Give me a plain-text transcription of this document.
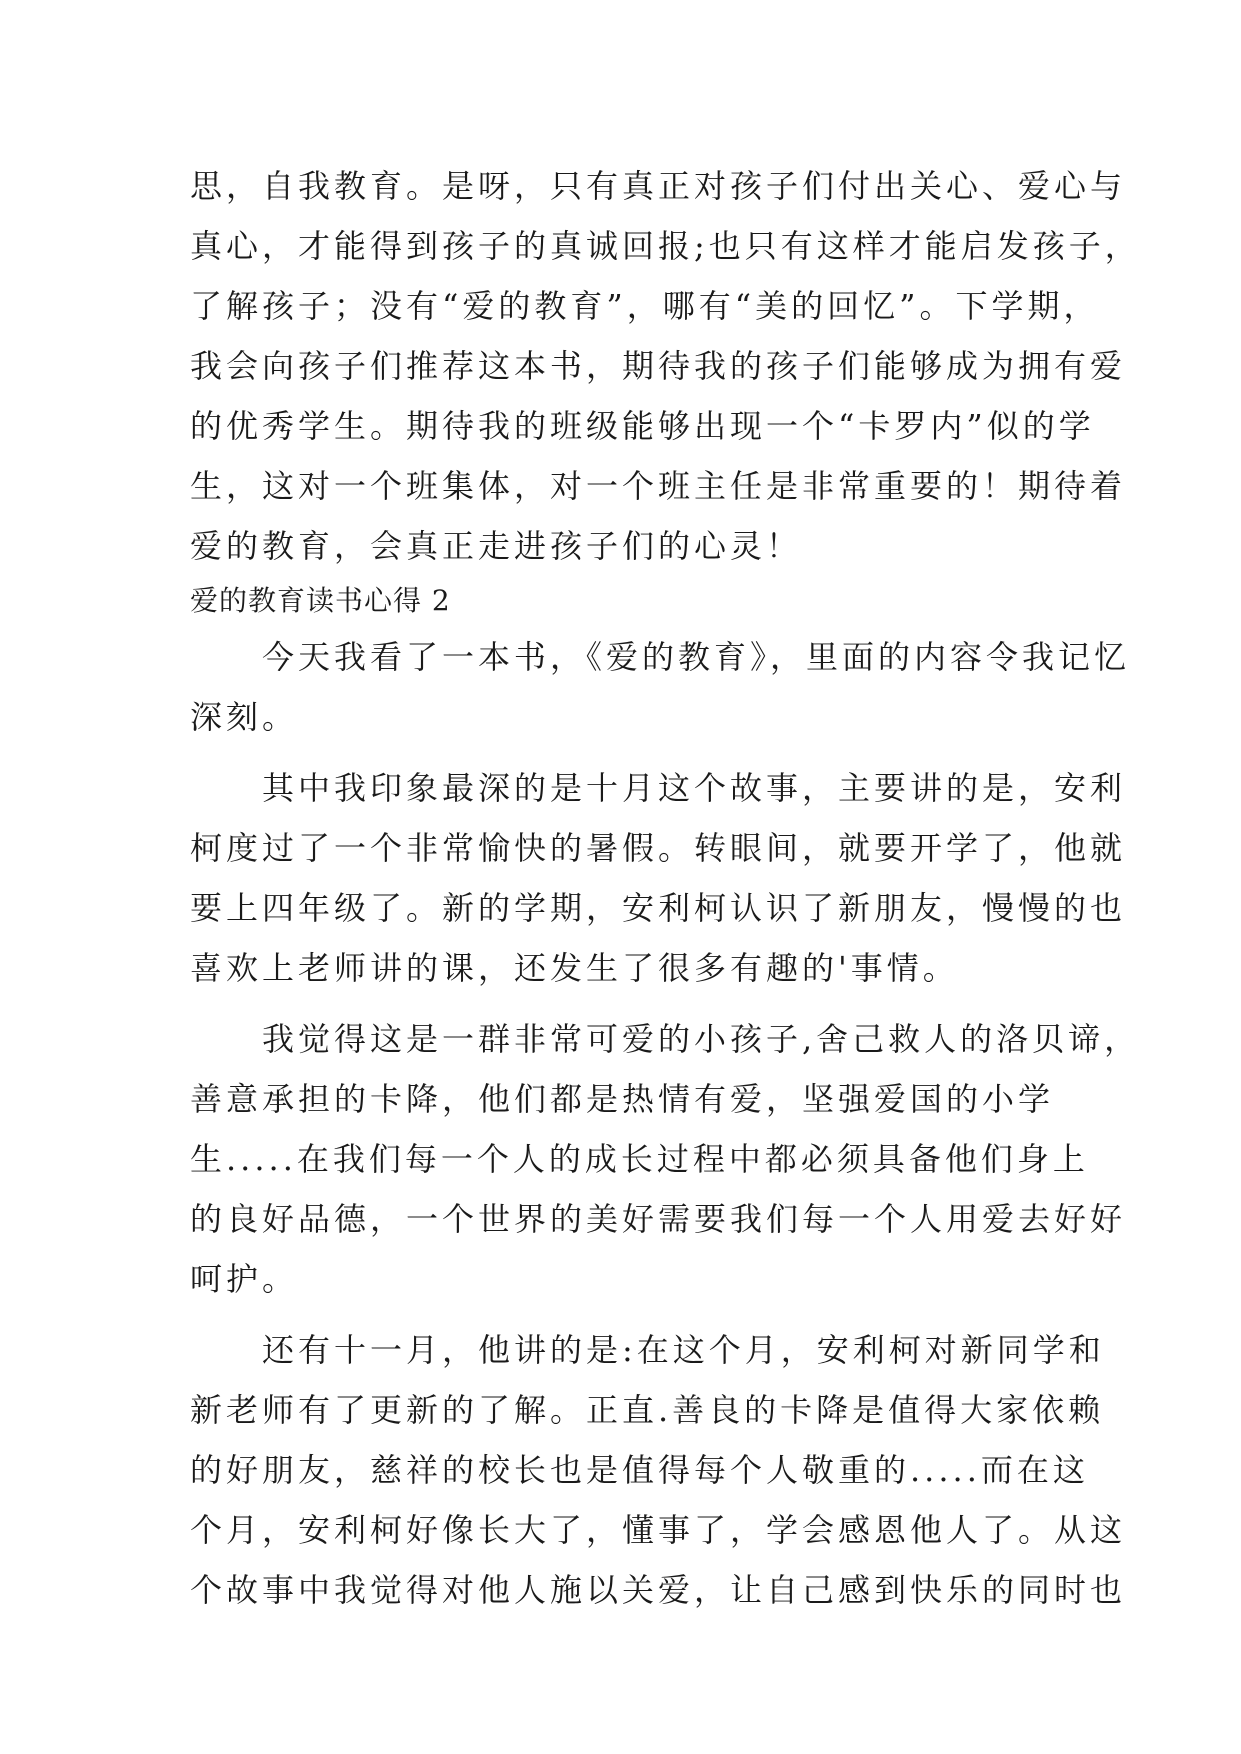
思，自我教育。是呀，只有真正对孩子们付出关心、爱心与
真心，才能得到孩子的真诚回报;也只有这样才能启发孩子，
了解孩子；没有“爱的教育”，哪有“美的回忆”。下学期，
我会向孩子们推荐这本书，期待我的孩子们能够成为拥有爱
的优秀学生。期待我的班级能够出现一个“卡罗内”似的学
生，这对一个班集体，对一个班主任是非常重要的！期待着
爱的教育，会真正走进孩子们的心灵！
爱的教育读书心得 2
　　今天我看了一本书，《爱的教育》，里面的内容令我记忆
深刻。
　　其中我印象最深的是十月这个故事，主要讲的是，安利
柯度过了一个非常愉快的暑假。转眼间，就要开学了，他就
要上四年级了。新的学期，安利柯认识了新朋友，慢慢的也
喜欢上老师讲的课，还发生了很多有趣的'事情。
　　我觉得这是一群非常可爱的小孩子,舍己救人的洛贝谛，
善意承担的卡降，他们都是热情有爱，坚强爱国的小学
生.....在我们每一个人的成长过程中都必须具备他们身上
的良好品德，一个世界的美好需要我们每一个人用爱去好好
呵护。
　　还有十一月，他讲的是:在这个月，安利柯对新同学和
新老师有了更新的了解。正直.善良的卡降是值得大家依赖
的好朋友，慈祥的校长也是值得每个人敬重的.....而在这
个月，安利柯好像长大了，懂事了，学会感恩他人了。从这
个故事中我觉得对他人施以关爱，让自己感到快乐的同时也
